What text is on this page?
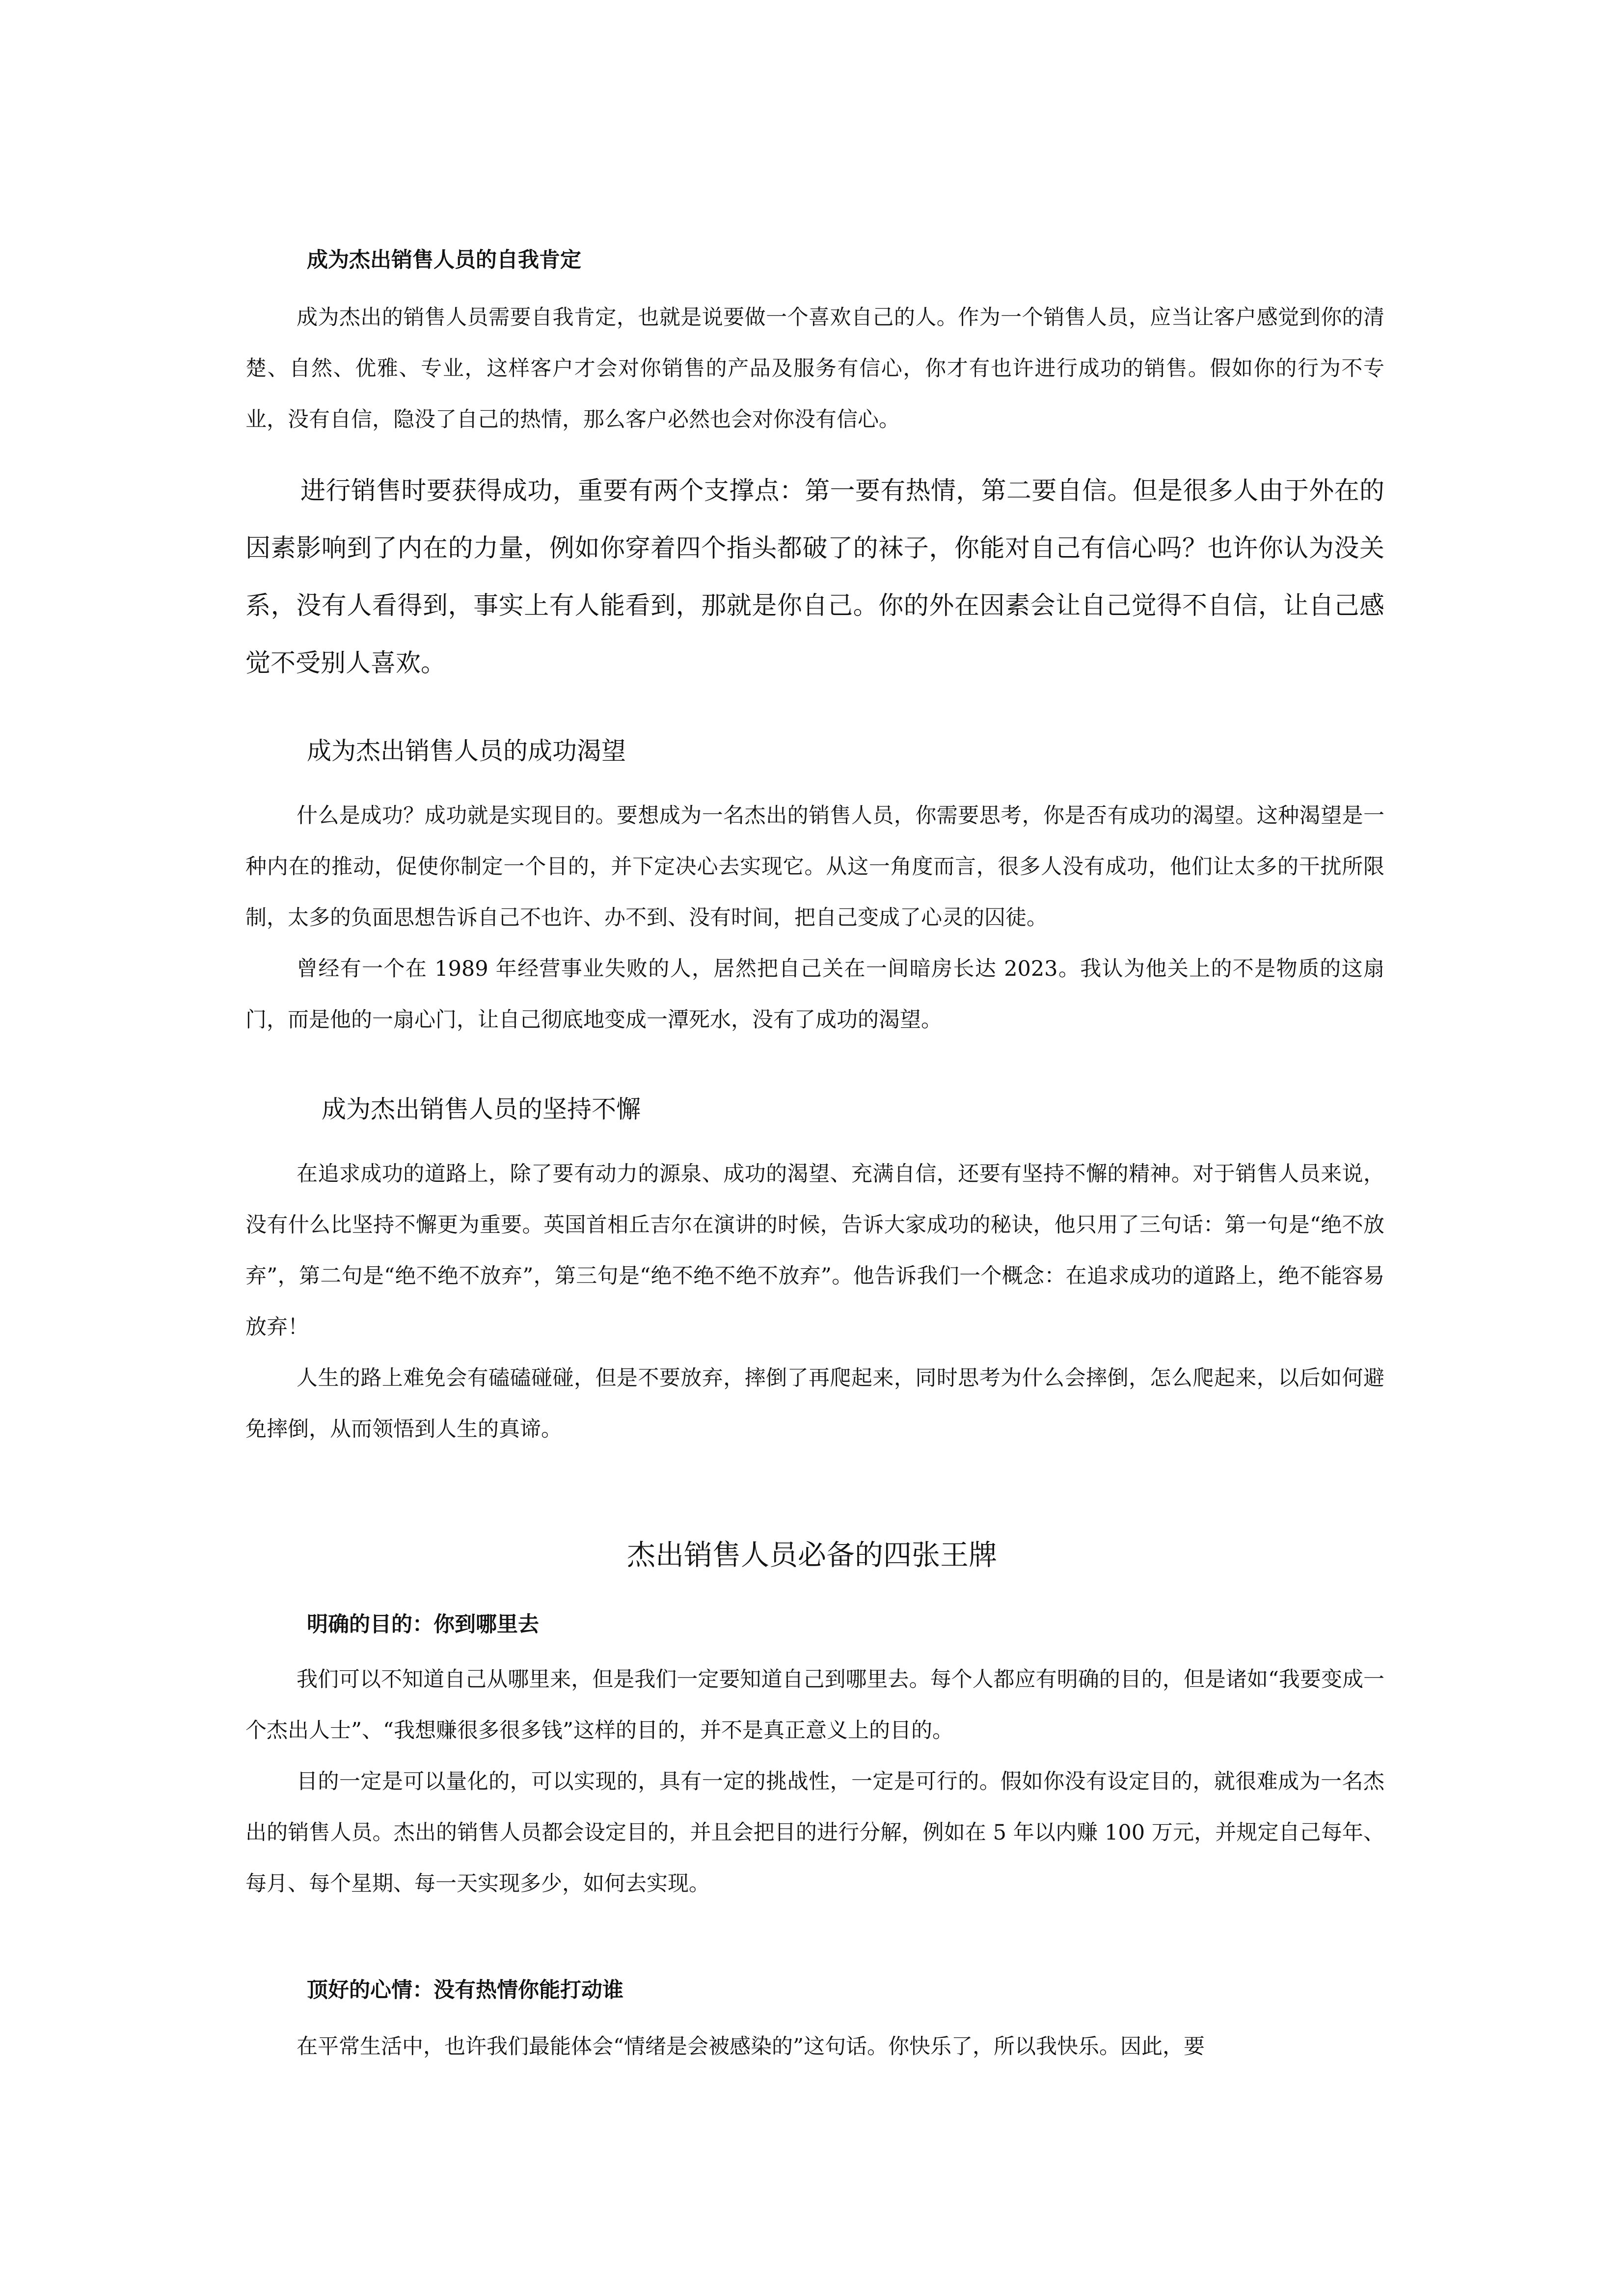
成为杰出销售人员的自我肯定

成为杰出的销售人员需要自我肯定，也就是说要做一个喜欢自己的人。作为一个销售人员，应当让客户感觉到你的清楚、自然、优雅、专业，这样客户才会对你销售的产品及服务有信心，你才有也许进行成功的销售。假如你的行为不专业，没有自信，隐没了自己的热情，那么客户必然也会对你没有信心。

进行销售时要获得成功，重要有两个支撑点：第一要有热情，第二要自信。但是很多人由于外在的因素影响到了内在的力量，例如你穿着四个指头都破了的袜子，你能对自己有信心吗？也许你认为没关系，没有人看得到，事实上有人能看到，那就是你自己。你的外在因素会让自己觉得不自信，让自己感觉不受别人喜欢。

成为杰出销售人员的成功渴望

什么是成功？成功就是实现目的。要想成为一名杰出的销售人员，你需要思考，你是否有成功的渴望。这种渴望是一种内在的推动，促使你制定一个目的，并下定决心去实现它。从这一角度而言，很多人没有成功，他们让太多的干扰所限制，太多的负面思想告诉自己不也许、办不到、没有时间，把自己变成了心灵的囚徒。

曾经有一个在 1989 年经营事业失败的人，居然把自己关在一间暗房长达 2023。我认为他关上的不是物质的这扇门，而是他的一扇心门，让自己彻底地变成一潭死水，没有了成功的渴望。

成为杰出销售人员的坚持不懈

在追求成功的道路上，除了要有动力的源泉、成功的渴望、充满自信，还要有坚持不懈的精神。对于销售人员来说，没有什么比坚持不懈更为重要。英国首相丘吉尔在演讲的时候，告诉大家成功的秘诀，他只用了三句话：第一句是“绝不放弃”，第二句是“绝不绝不放弃”，第三句是“绝不绝不绝不放弃”。他告诉我们一个概念：在追求成功的道路上，绝不能容易放弃！

人生的路上难免会有磕磕碰碰，但是不要放弃，摔倒了再爬起来，同时思考为什么会摔倒，怎么爬起来，以后如何避免摔倒，从而领悟到人生的真谛。

杰出销售人员必备的四张王牌
明确的目的：你到哪里去

我们可以不知道自己从哪里来，但是我们一定要知道自己到哪里去。每个人都应有明确的目的，但是诸如“我要变成一个杰出人士”、“我想赚很多很多钱”这样的目的，并不是真正意义上的目的。

目的一定是可以量化的，可以实现的，具有一定的挑战性，一定是可行的。假如你没有设定目的，就很难成为一名杰出的销售人员。杰出的销售人员都会设定目的，并且会把目的进行分解，例如在 5 年以内赚 100 万元，并规定自己每年、每月、每个星期、每一天实现多少，如何去实现。

顶好的心情：没有热情你能打动谁

在平常生活中，也许我们最能体会“情绪是会被感染的”这句话。你快乐了，所以我快乐。因此，要
